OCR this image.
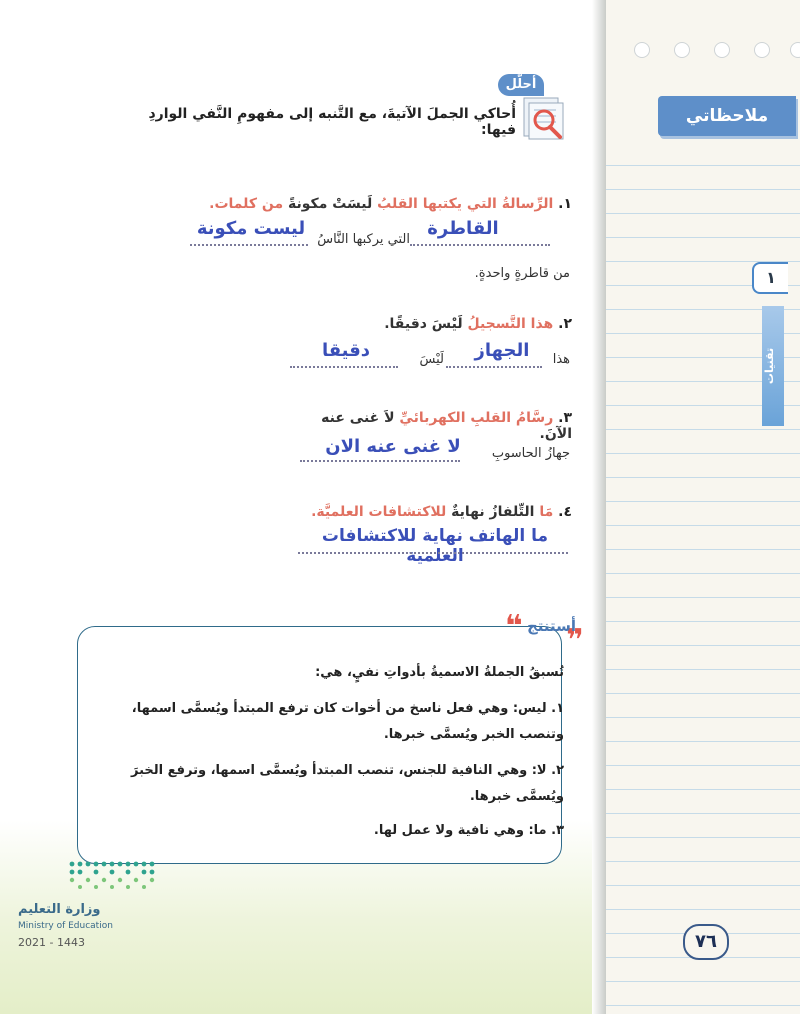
ملاحظاتي
١
تقنيات
٧٦
أحلّل
أُحاكي الجملَ الآتيةَ، مع التَّنبه إلى مفهومِ النَّفي الواردِ فيها:
١. الرِّسالةُ التي يكتبها القلبُ لَيسَتْ مكونةً من كلمات.
القاطرة
التي يركبها النَّاسُ
ليست مكونة
من قاطرةٍ واحدةٍ.
٢. هذا التَّسجيلُ لَيْسَ دقيقًا.
هذا
الجهاز
لَيْسَ
دقيقا
٣. رسَّامُ القلبِ الكهربائيِّ لاَ غنى عنه الآنَ.
جهازُ الحاسوبِ
لا غنى عنه الان
٤. مَا التِّلفازُ نهايةٌ للاكتشافات العلميَّة.
ما الهاتف نهاية للاكتشافات العلمية
❝ ❞
أستنتج
تُسبقُ الجملةُ الاسميةُ بأدواتِ نفيٍ، هي:
١. ليس: وهي فعل ناسخ من أخوات كان ترفع المبتدأ ويُسمَّى اسمها، وتنصب الخبر ويُسمَّى خبرها.
٢. لا: وهي النافية للجنس، تنصب المبتدأ ويُسمَّى اسمها، وترفع الخبرَ ويُسمَّى خبرها.
٣. ما: وهي نافية ولا عمل لها.
وزارة التعليم
Ministry of Education
2021 - 1443
